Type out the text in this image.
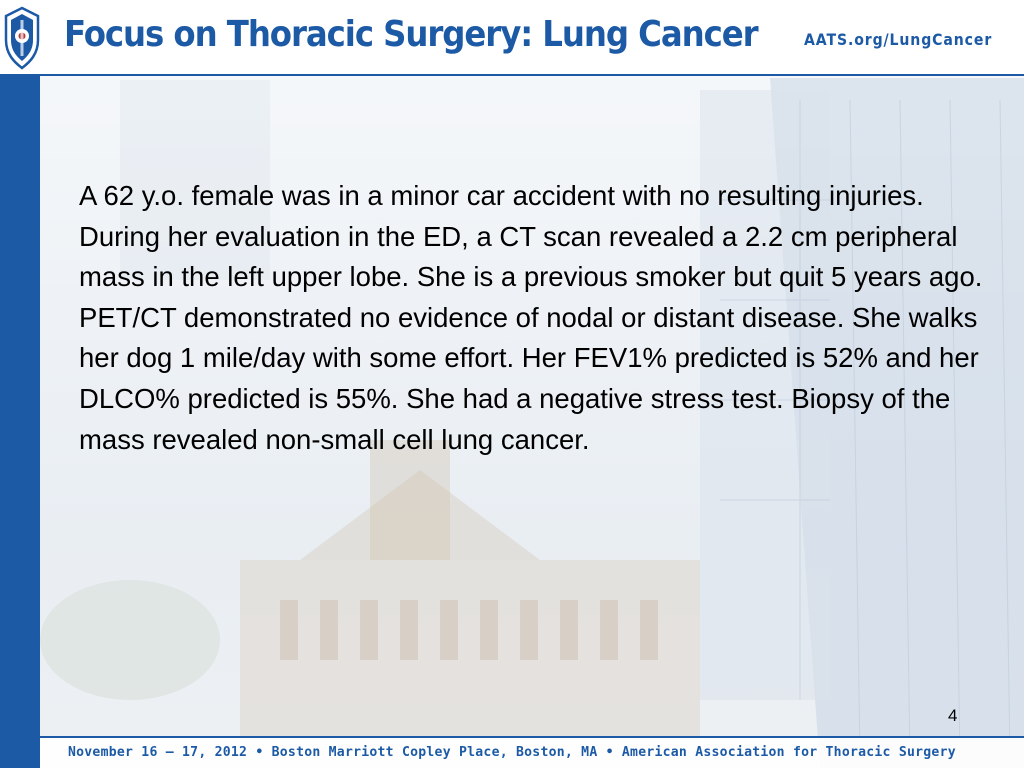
Focus on Thoracic Surgery: Lung Cancer	AATS.org/LungCancer

A 62 y.o. female was in a minor car accident with no resulting injuries. During her evaluation in the ED, a CT scan revealed a 2.2 cm peripheral mass in the left upper lobe. She is a previous smoker but quit 5 years ago. PET/CT demonstrated no evidence of nodal or distant disease. She walks her dog 1 mile/day with some effort. Her FEV1% predicted is 52% and her DLCO% predicted is 55%. She had a negative stress test. Biopsy of the mass revealed non-small cell lung cancer.

4
November 16 – 17, 2012 • Boston Marriott Copley Place, Boston, MA • American Association for Thoracic Surgery
